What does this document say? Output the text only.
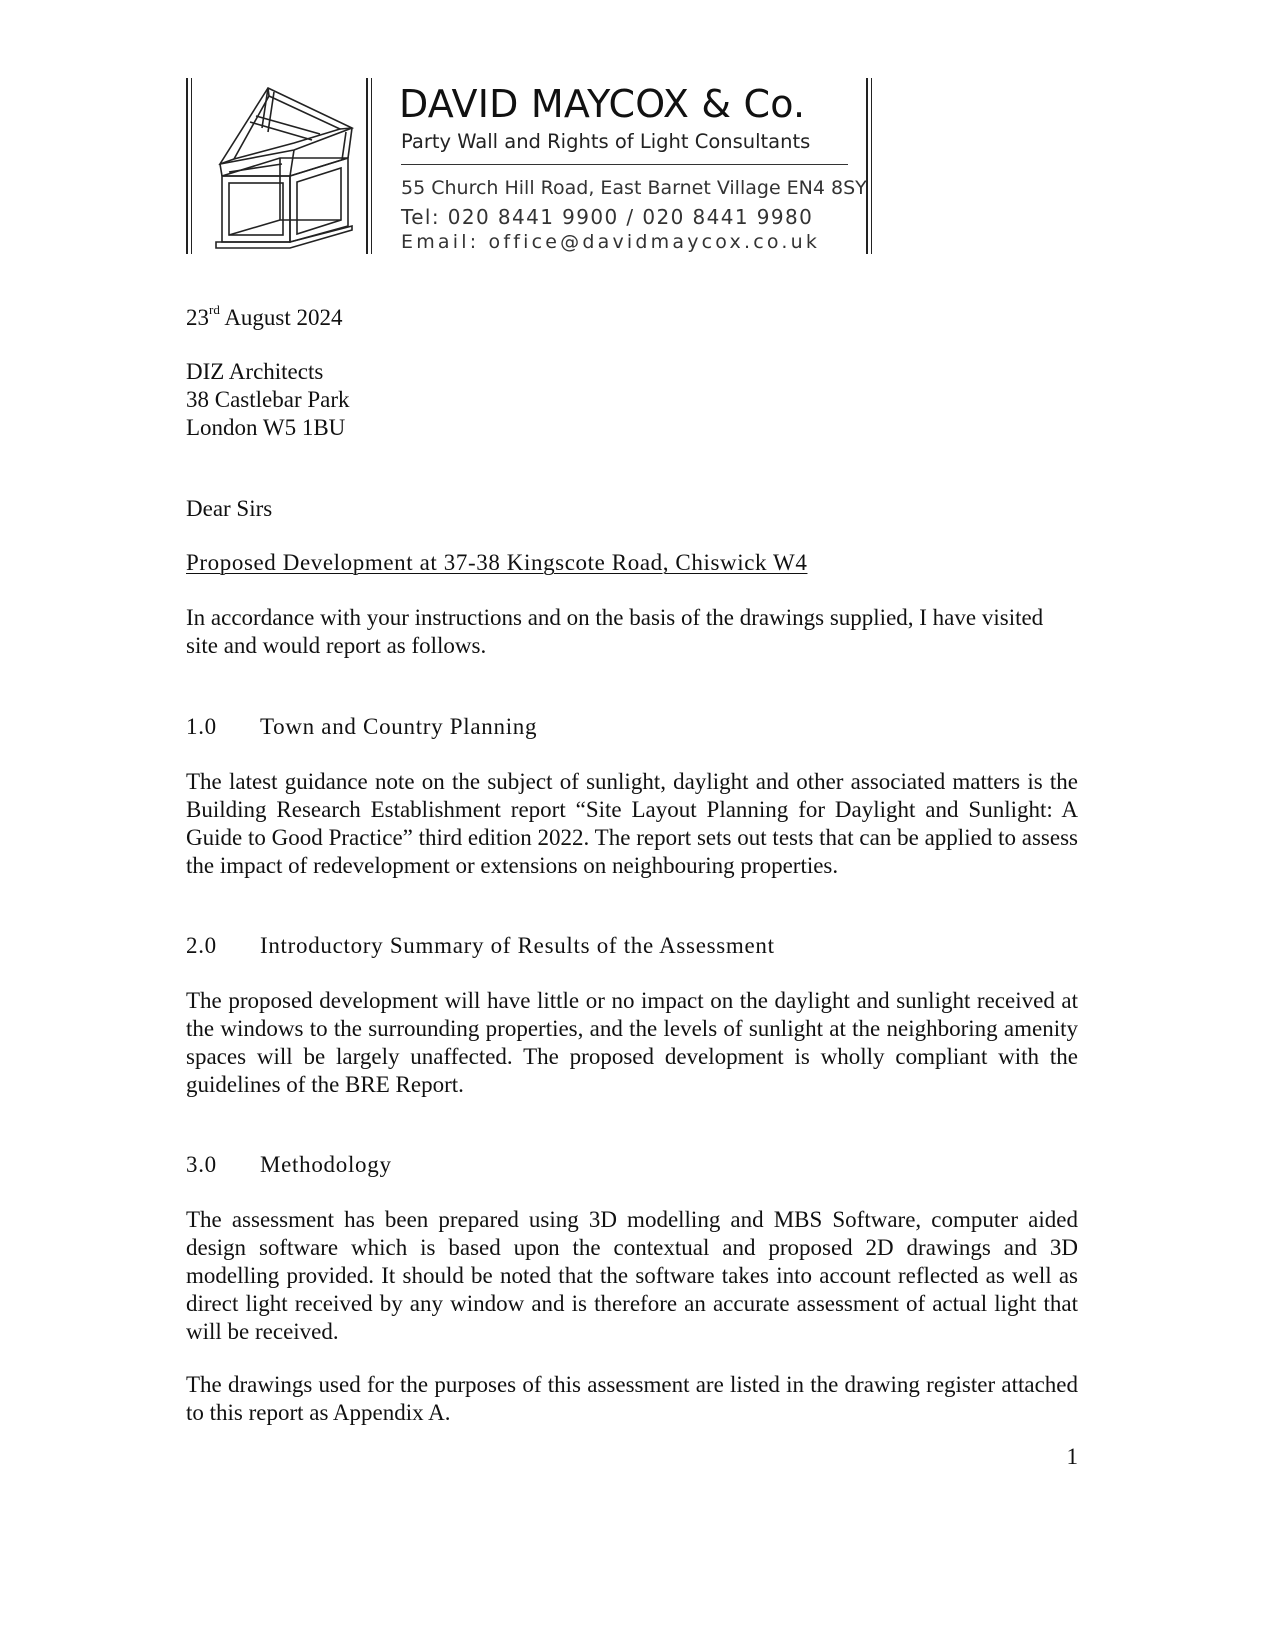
DAVID MAYCOX & Co.
Party Wall and Rights of Light Consultants
55 Church Hill Road, East Barnet Village EN4 8SY
Tel: 020 8441 9900 / 020 8441 9980
Email: office@davidmaycox.co.uk
23rd August 2024
DIZ Architects
38 Castlebar Park
London W5 1BU
Dear Sirs
Proposed Development at 37-38 Kingscote Road, Chiswick W4
In accordance with your instructions and on the basis of the drawings supplied, I have visited site and would report as follows.
1.0 Town and Country Planning
The latest guidance note on the subject of sunlight, daylight and other associated matters is the Building Research Establishment report “Site Layout Planning for Daylight and Sunlight: A Guide to Good Practice” third edition 2022. The report sets out tests that can be applied to assess the impact of redevelopment or extensions on neighbouring properties.
2.0 Introductory Summary of Results of the Assessment
The proposed development will have little or no impact on the daylight and sunlight received at the windows to the surrounding properties, and the levels of sunlight at the neighboring amenity spaces will be largely unaffected. The proposed development is wholly compliant with the guidelines of the BRE Report.
3.0 Methodology
The assessment has been prepared using 3D modelling and MBS Software, computer aided design software which is based upon the contextual and proposed 2D drawings and 3D modelling provided. It should be noted that the software takes into account reflected as well as direct light received by any window and is therefore an accurate assessment of actual light that will be received.
The drawings used for the purposes of this assessment are listed in the drawing register attached to this report as Appendix A.
1
